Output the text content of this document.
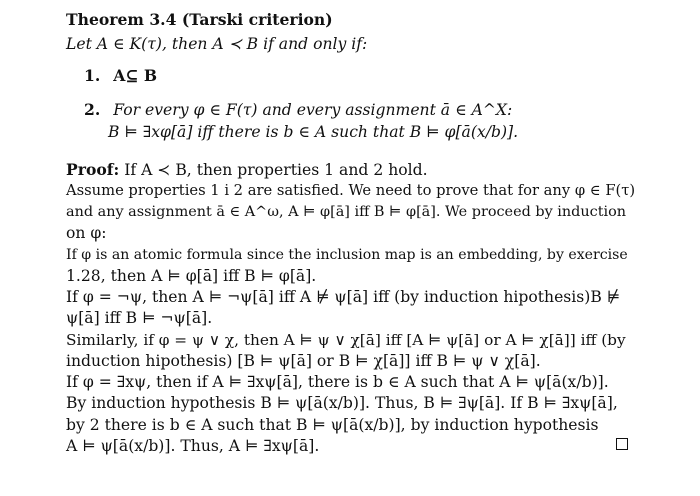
Theorem 3.4 (Tarski criterion)
Let A ∈ K(τ), then A ≺ B if and only if:
1. A⊆ B
2. For every φ ∈ F(τ) and every assignment ā ∈ A^X:
B ⊨ ∃xφ[ā] iff there is b ∈ A such that B ⊨ φ[ā(x/b)].
Proof: If A ≺ B, then properties 1 and 2 hold.
Assume properties 1 i 2 are satisfied. We need to prove that for any φ ∈ F(τ)
and any assignment ā ∈ A^ω, A ⊨ φ[ā] iff B ⊨ φ[ā]. We proceed by induction
on φ:
If φ is an atomic formula since the inclusion map is an embedding, by exercise
1.28, then A ⊨ φ[ā] iff B ⊨ φ[ā].
If φ = ¬ψ, then A ⊨ ¬ψ[ā] iff A ⊭ ψ[ā] iff (by induction hipothesis)B ⊭
ψ[ā] iff B ⊨ ¬ψ[ā].
Similarly, if φ = ψ ∨ χ, then A ⊨ ψ ∨ χ[ā] iff [A ⊨ ψ[ā] or A ⊨ χ[ā]] iff (by
induction hipothesis) [B ⊨ ψ[ā] or B ⊨ χ[ā]] iff B ⊨ ψ ∨ χ[ā].
If φ = ∃xψ, then if A ⊨ ∃xψ[ā], there is b ∈ A such that A ⊨ ψ[ā(x/b)].
By induction hypothesis B ⊨ ψ[ā(x/b)]. Thus, B ⊨ ∃ψ[ā]. If B ⊨ ∃xψ[ā],
by 2 there is b ∈ A such that B ⊨ ψ[ā(x/b)], by induction hypothesis
A ⊨ ψ[ā(x/b)]. Thus, A ⊨ ∃xψ[ā].
